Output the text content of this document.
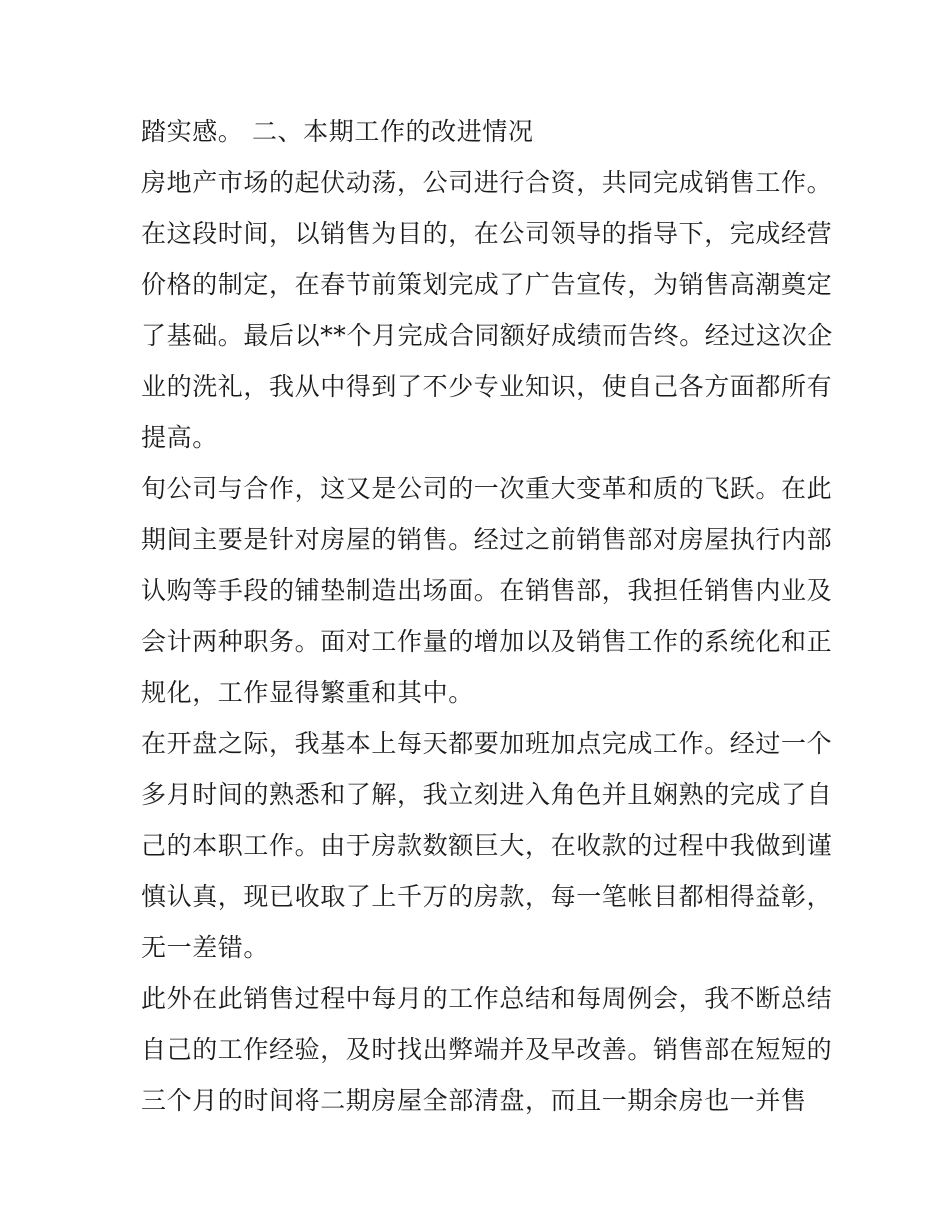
踏实感。 二、本期工作的改进情况
房地产市场的起伏动荡，公司进行合资，共同完成销售工作。
在这段时间，以销售为目的，在公司领导的指导下，完成经营
价格的制定，在春节前策划完成了广告宣传，为销售高潮奠定
了基础。最后以**个月完成合同额好成绩而告终。经过这次企
业的洗礼，我从中得到了不少专业知识，使自己各方面都所有
提高。
旬公司与合作，这又是公司的一次重大变革和质的飞跃。在此
期间主要是针对房屋的销售。经过之前销售部对房屋执行内部
认购等手段的铺垫制造出场面。在销售部，我担任销售内业及
会计两种职务。面对工作量的增加以及销售工作的系统化和正
规化，工作显得繁重和其中。
在开盘之际，我基本上每天都要加班加点完成工作。经过一个
多月时间的熟悉和了解，我立刻进入角色并且娴熟的完成了自
己的本职工作。由于房款数额巨大，在收款的过程中我做到谨
慎认真，现已收取了上千万的房款，每一笔帐目都相得益彰，
无一差错。
此外在此销售过程中每月的工作总结和每周例会，我不断总结
自己的工作经验，及时找出弊端并及早改善。销售部在短短的
三个月的时间将二期房屋全部清盘，而且一期余房也一并售
